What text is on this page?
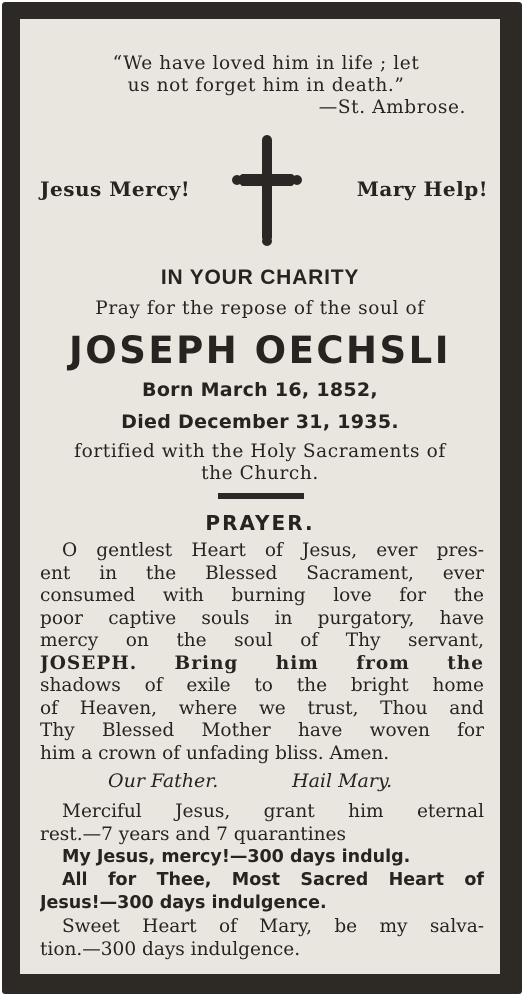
“We have loved him in life ; let
us not forget him in death.”
—St. Ambrose.
Jesus Mercy!	Mary Help!
IN YOUR CHARITY
Pray for the repose of the soul of
JOSEPH OECHSLI
Born March 16, 1852,
Died December 31, 1935.
fortified with the Holy Sacraments of
the Church.
PRAYER.
O gentlest Heart of Jesus, ever pres-
ent in the Blessed Sacrament, ever
consumed with burning love for the
poor captive souls in purgatory, have
mercy on the soul of Thy servant,
JOSEPH. Bring him from the
shadows of exile to the bright home
of Heaven, where we trust, Thou and
Thy Blessed Mother have woven for
him a crown of unfading bliss. Amen.
Our Father.	Hail Mary.
Merciful Jesus, grant him eternal
rest.—7 years and 7 quarantines
My Jesus, mercy!—300 days indulg.
All for Thee, Most Sacred Heart of
Jesus!—300 days indulgence.
Sweet Heart of Mary, be my salva-
tion.—300 days indulgence.
